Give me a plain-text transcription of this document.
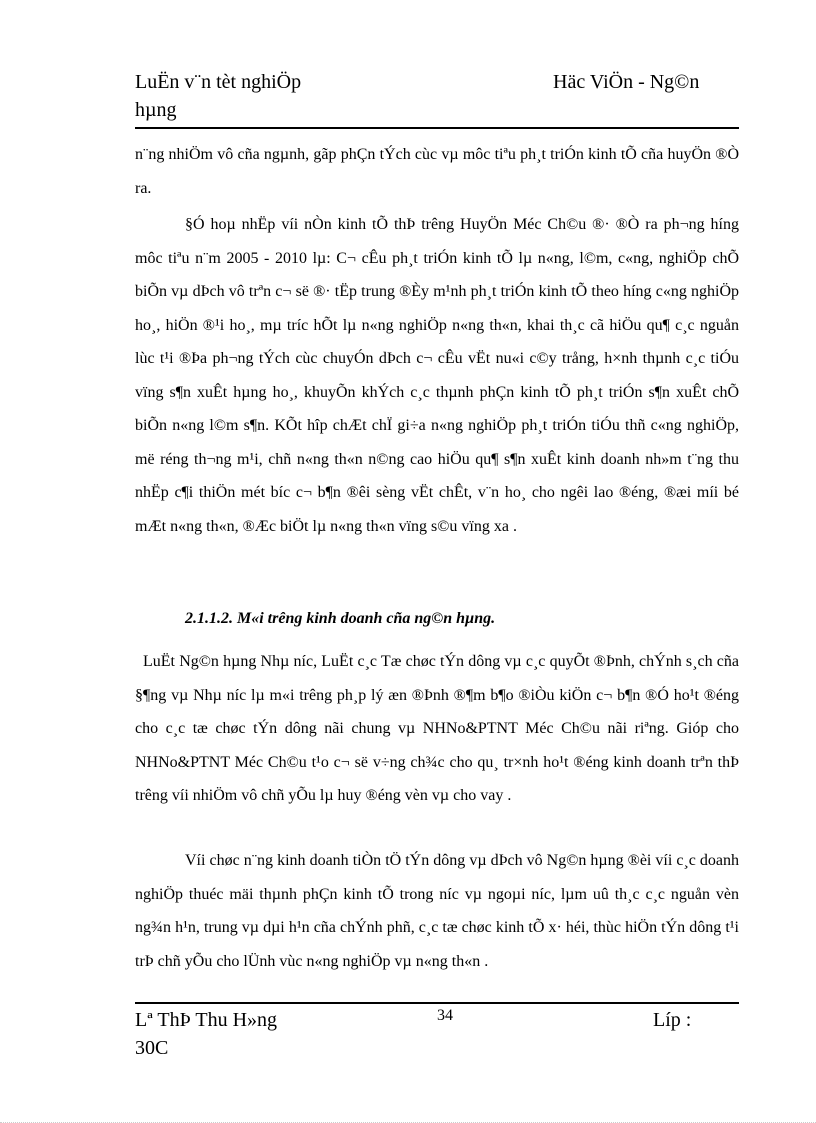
LuËn v¨n tèt nghiÖp
hµng
Häc ViÖn - Ng©n

n¨ng nhiÖm vô cña ngµnh, gãp phÇn tÝch cùc vµ môc tiªu ph¸t triÓn kinh tÕ cña huyÖn ®Ò ra.

§Ó hoµ nhËp víi nÒn kinh tÕ thÞ trêng HuyÖn Méc Ch©u ®· ®Ò ra ph¬ng híng môc tiªu n¨m 2005 - 2010 lµ: C¬ cÊu ph¸t triÓn kinh tÕ lµ n«ng, l©m, c«ng, nghiÖp chÕ biÕn vµ dÞch vô trªn c¬ së ®· tËp trung ®Èy m¹nh ph¸t triÓn kinh tÕ theo híng c«ng nghiÖp ho¸, hiÖn ®¹i ho¸, mµ tríc hÕt lµ n«ng nghiÖp n«ng th«n, khai th¸c cã hiÖu qu¶ c¸c nguån lùc t¹i ®Þa ph¬ng tÝch cùc chuyÓn dÞch c¬ cÊu vËt nu«i c©y trång, h×nh thµnh c¸c tiÓu vïng s¶n xuÊt hµng ho¸, khuyÕn khÝch c¸c thµnh phÇn kinh tÕ ph¸t triÓn s¶n xuÊt chÕ biÕn n«ng l©m s¶n. KÕt hîp chÆt chÏ gi÷a n«ng nghiÖp ph¸t triÓn tiÓu thñ c«ng nghiÖp, më réng th¬ng m¹i, chñ n«ng th«n n©ng cao hiÖu qu¶ s¶n xuÊt kinh doanh nh»m t¨ng thu nhËp c¶i thiÖn mét bíc c¬ b¶n ®êi sèng vËt chÊt, v¨n ho¸ cho ngêi lao ®éng, ®æi míi bé mÆt n«ng th«n, ®Æc biÖt lµ n«ng th«n vïng s©u vïng xa .

2.1.1.2. M«i trêng kinh doanh cña ng©n hµng.

LuËt Ng©n hµng Nhµ níc, LuËt c¸c Tæ chøc tÝn dông vµ c¸c quyÕt ®Þnh, chÝnh s¸ch cña §¶ng vµ Nhµ níc lµ m«i trêng ph¸p lý æn ®Þnh ®¶m b¶o ®iÒu kiÖn c¬ b¶n ®Ó ho¹t ®éng cho c¸c tæ chøc tÝn dông nãi chung vµ NHNo&PTNT Méc Ch©u nãi riªng. Gióp cho NHNo&PTNT Méc Ch©u t¹o c¬ së v÷ng ch¾c cho qu¸ tr×nh ho¹t ®éng kinh doanh trªn thÞ trêng víi nhiÖm vô chñ yÕu lµ huy ®éng vèn vµ cho vay .

Víi chøc n¨ng kinh doanh tiÒn tÖ tÝn dông vµ dÞch vô Ng©n hµng ®èi víi c¸c doanh nghiÖp thuéc mäi thµnh phÇn kinh tÕ trong níc vµ ngoµi níc, lµm uû th¸c c¸c nguån vèn ng¾n h¹n, trung vµ dµi h¹n cña chÝnh phñ, c¸c tæ chøc kinh tÕ x· héi, thùc hiÖn tÝn dông t¹i trÞ chñ yÕu cho lÜnh vùc n«ng nghiÖp vµ n«ng th«n .

Lª ThÞ Thu H»ng
30C
34	Líp :
